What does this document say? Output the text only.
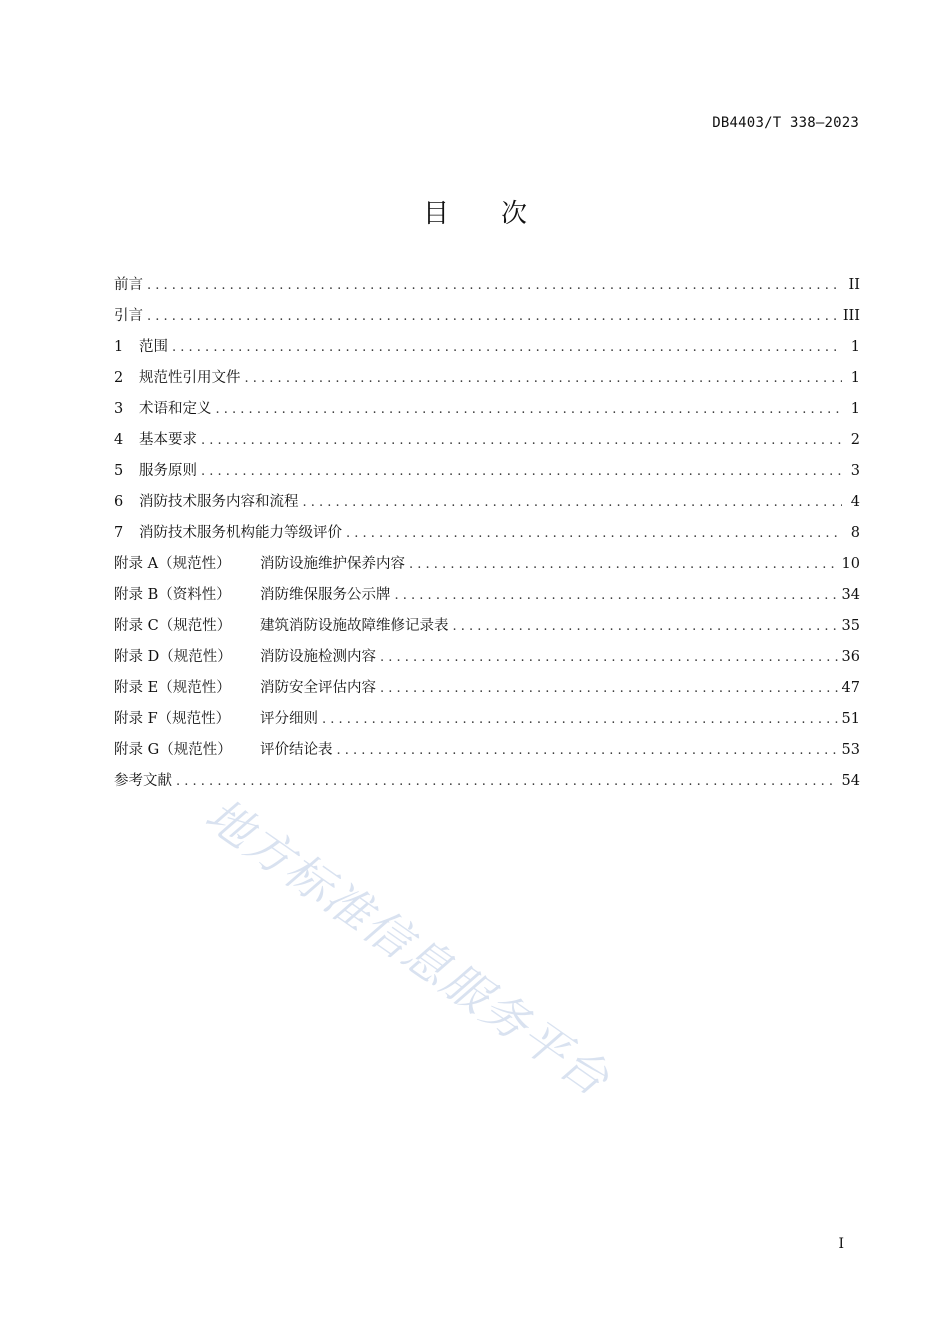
DB4403/T 338—2023
目 次
前言 . . .	II
引言 . . .	III
1	范围 . . .	1
2	规范性引用文件 . . .	1
3	术语和定义 . . .	1
4	基本要求 . . .	2
5	服务原则 . . .	3
6	消防技术服务内容和流程 . . .	4
7	消防技术服务机构能力等级评价 . . .	8
附录 A（规范性）	消防设施维护保养内容 . . .	10
附录 B（资料性）	消防维保服务公示牌 . . .	34
附录 C（规范性）	建筑消防设施故障维修记录表 . . .	35
附录 D（规范性）	消防设施检测内容 . . .	36
附录 E（规范性）	消防安全评估内容 . . .	47
附录 F（规范性）	评分细则 . . .	51
附录 G（规范性）	评价结论表 . . .	53
参考文献 . . .	54
地方标准信息服务平台
I
